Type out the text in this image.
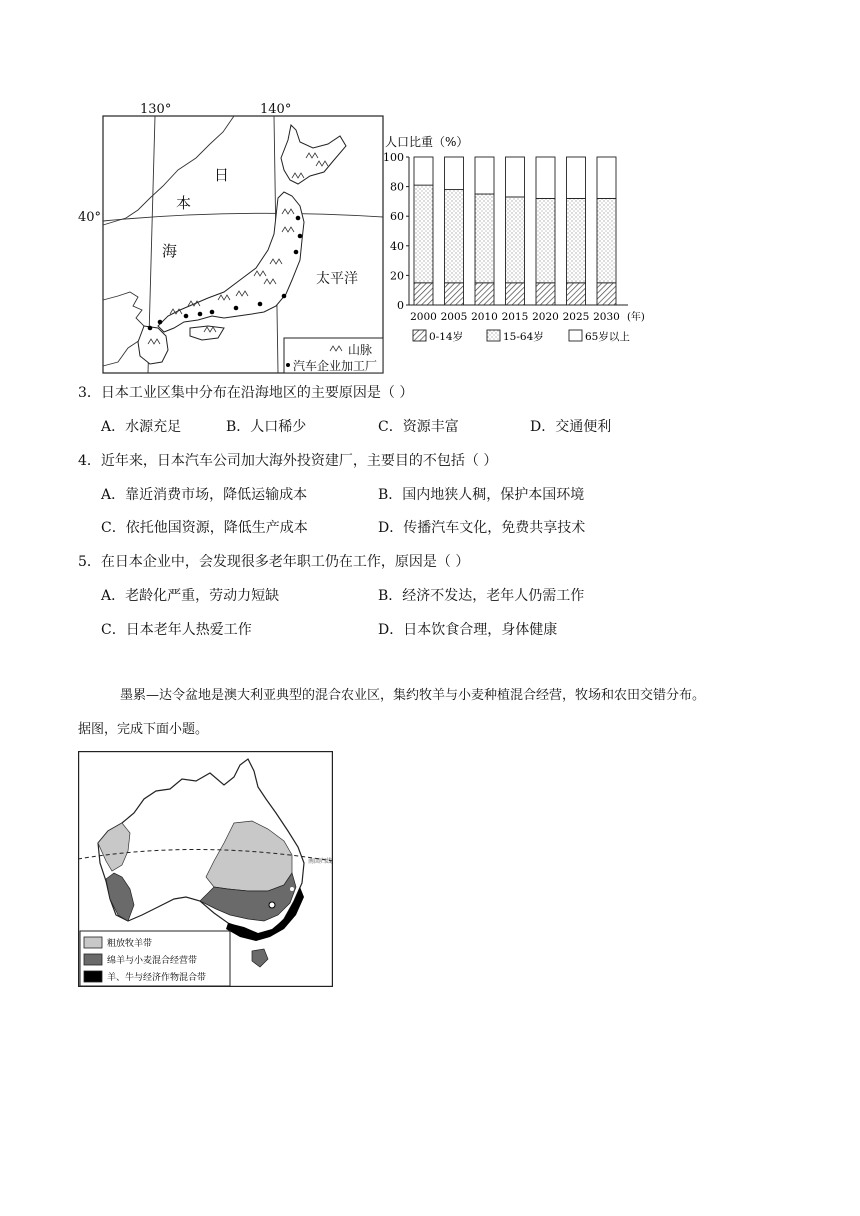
130°	140°
40°
日
本
海
太平洋
山脉
汽车企业加工厂
人口比重（%）
0
20
40
60
80
100
2000 2005 2010 2015 2020 2025 2030 (年)
0-14岁	15-64岁	65岁以上
3．日本工业区集中分布在沿海地区的主要原因是（ ）
A．水源充足	B．人口稀少	C．资源丰富	D．交通便利
4．近年来，日本汽车公司加大海外投资建厂，主要目的不包括（ ）
A．靠近消费市场，降低运输成本	B．国内地狭人稠，保护本国环境
C．依托他国资源，降低生产成本	D．传播汽车文化，免费共享技术
5．在日本企业中，会发现很多老年职工仍在工作，原因是（ ）
A．老龄化严重，劳动力短缺	B．经济不发达，老年人仍需工作
C．日本老年人热爱工作	D．日本饮食合理，身体健康
墨累—达令盆地是澳大利亚典型的混合农业区，集约牧羊与小麦种植混合经营，牧场和农田交错分布。
据图，完成下面小题。
南回归线
粗放牧羊带
绵羊与小麦混合经营带
羊、牛与经济作物混合带
